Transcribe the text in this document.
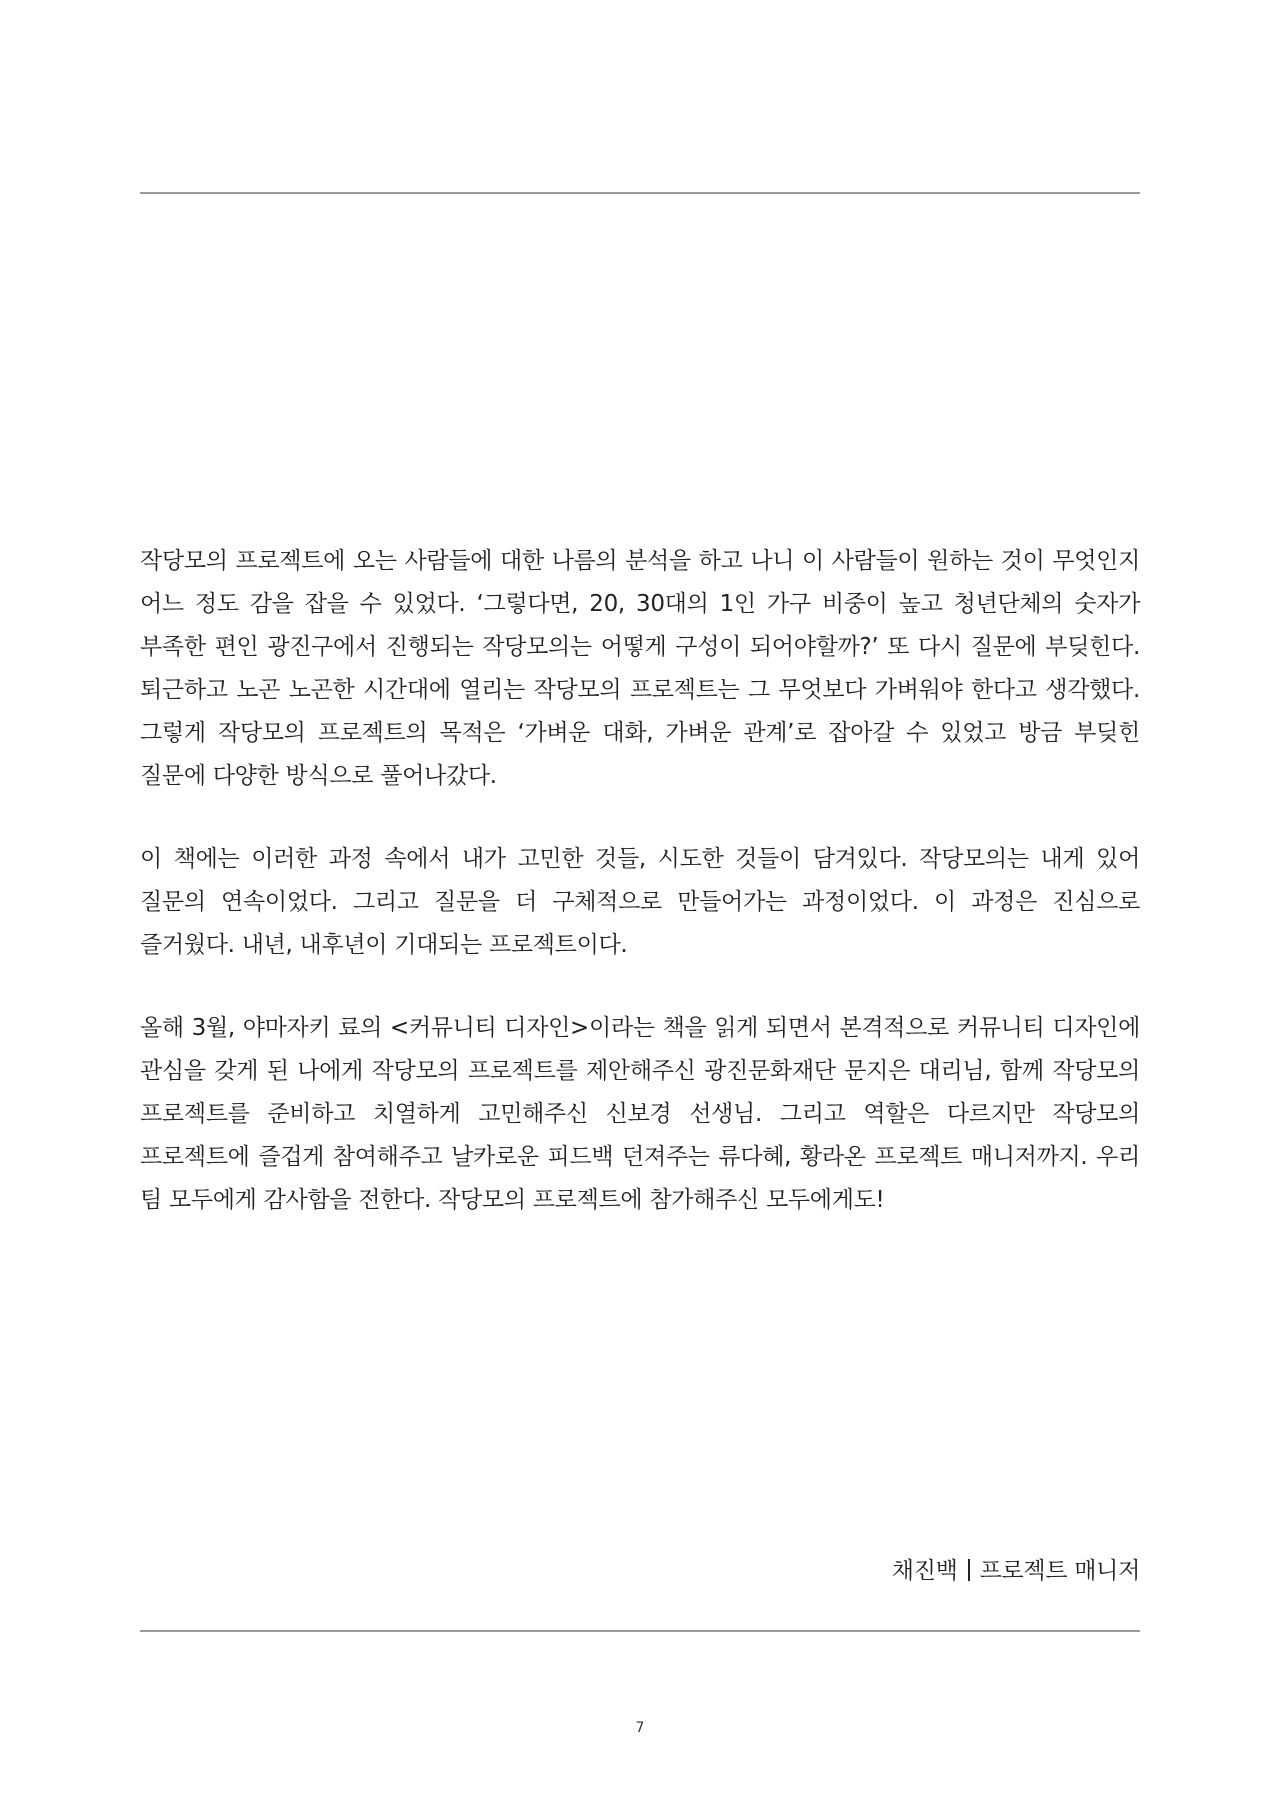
작당모의 프로젝트에 오는 사람들에 대한 나름의 분석을 하고 나니 이 사람들이 원하는 것이 무엇인지 어느 정도 감을 잡을 수 있었다. ‘그렇다면, 20, 30대의 1인 가구 비중이 높고 청년단체의 숫자가 부족한 편인 광진구에서 진행되는 작당모의는 어떻게 구성이 되어야할까?’ 또 다시 질문에 부딪힌다. 퇴근하고 노곤 노곤한 시간대에 열리는 작당모의 프로젝트는 그 무엇보다 가벼워야 한다고 생각했다. 그렇게 작당모의 프로젝트의 목적은 ‘가벼운 대화, 가벼운 관계’로 잡아갈 수 있었고 방금 부딪힌 질문에 다양한 방식으로 풀어나갔다.

이 책에는 이러한 과정 속에서 내가 고민한 것들, 시도한 것들이 담겨있다. 작당모의는 내게 있어 질문의 연속이었다. 그리고 질문을 더 구체적으로 만들어가는 과정이었다. 이 과정은 진심으로 즐거웠다. 내년, 내후년이 기대되는 프로젝트이다.

올해 3월, 야마자키 료의 <커뮤니티 디자인>이라는 책을 읽게 되면서 본격적으로 커뮤니티 디자인에 관심을 갖게 된 나에게 작당모의 프로젝트를 제안해주신 광진문화재단 문지은 대리님, 함께 작당모의 프로젝트를 준비하고 치열하게 고민해주신 신보경 선생님. 그리고 역할은 다르지만 작당모의 프로젝트에 즐겁게 참여해주고 날카로운 피드백 던져주는 류다혜, 황라온 프로젝트 매니저까지. 우리 팀 모두에게 감사함을 전한다. 작당모의 프로젝트에 참가해주신 모두에게도!

채진백 프로젝트 매니저
7
